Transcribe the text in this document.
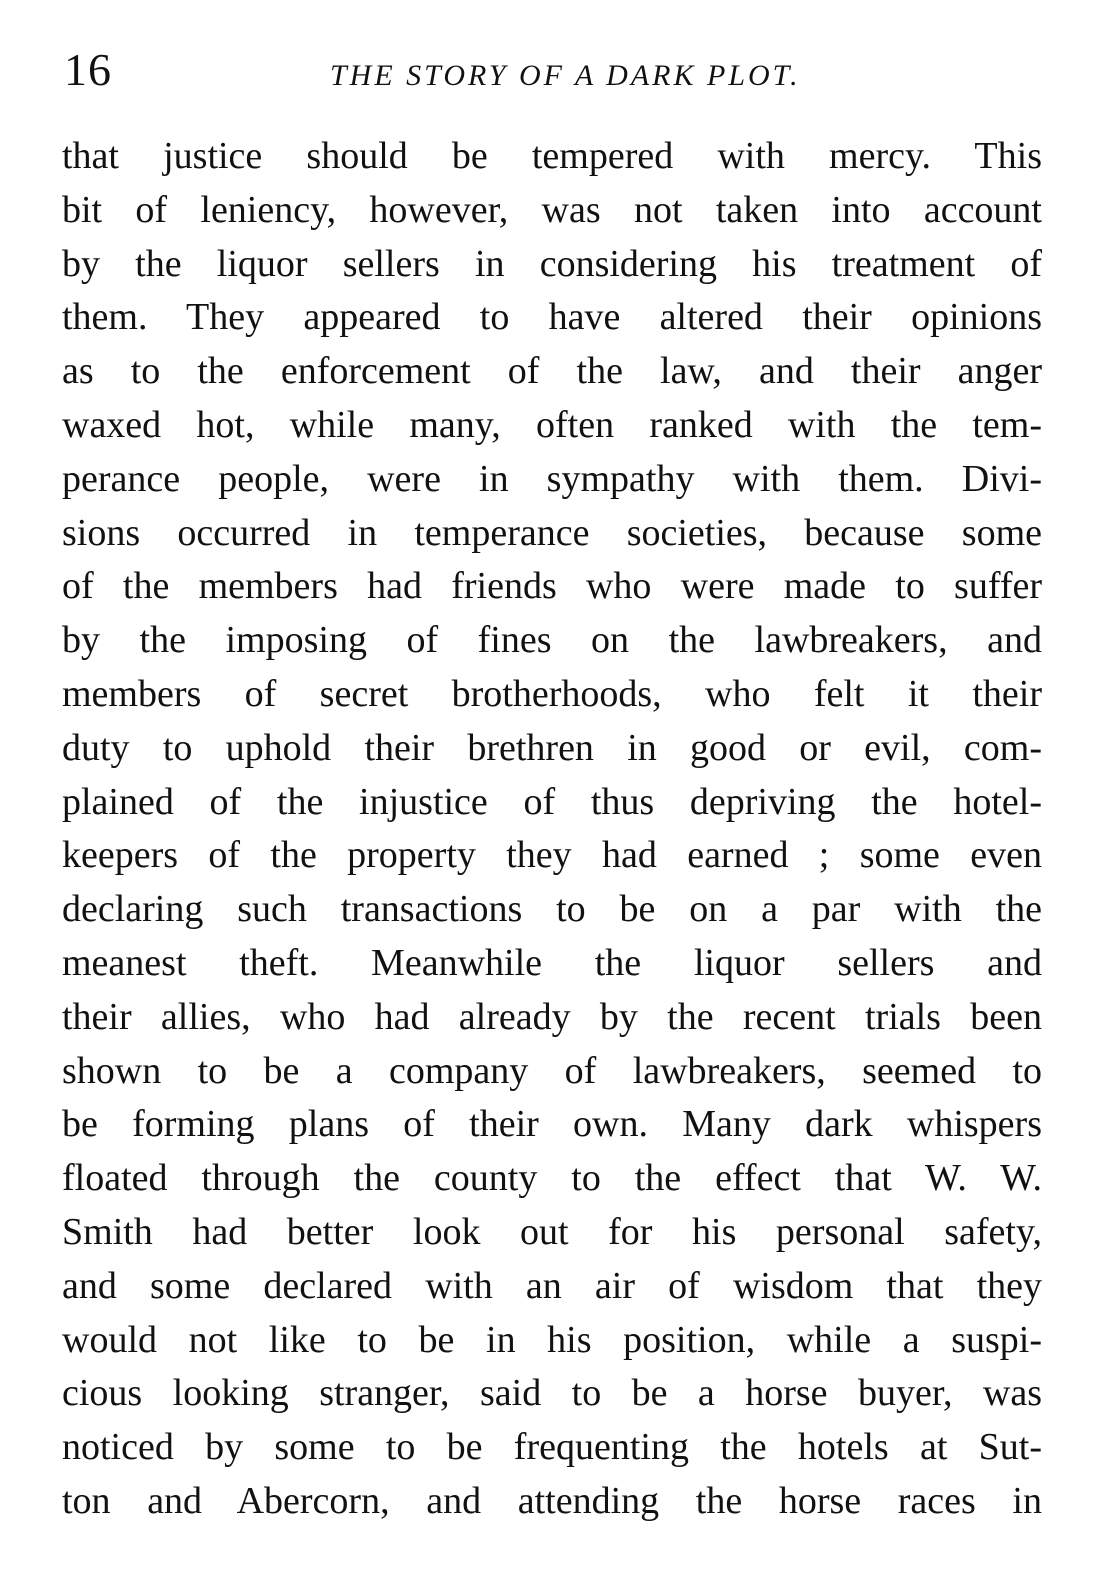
16	THE STORY OF A DARK PLOT.
that justice should be tempered with mercy. This
bit of leniency, however, was not taken into account
by the liquor sellers in considering his treatment of
them. They appeared to have altered their opinions
as to the enforcement of the law, and their anger
waxed hot, while many, often ranked with the tem-
perance people, were in sympathy with them. Divi-
sions occurred in temperance societies, because some
of the members had friends who were made to suffer
by the imposing of fines on the lawbreakers, and
members of secret brotherhoods, who felt it their
duty to uphold their brethren in good or evil, com-
plained of the injustice of thus depriving the hotel-
keepers of the property they had earned ; some even
declaring such transactions to be on a par with the
meanest theft. Meanwhile the liquor sellers and
their allies, who had already by the recent trials been
shown to be a company of lawbreakers, seemed to
be forming plans of their own. Many dark whispers
floated through the county to the effect that W. W.
Smith had better look out for his personal safety,
and some declared with an air of wisdom that they
would not like to be in his position, while a suspi-
cious looking stranger, said to be a horse buyer, was
noticed by some to be frequenting the hotels at Sut-
ton and Abercorn, and attending the horse races in
